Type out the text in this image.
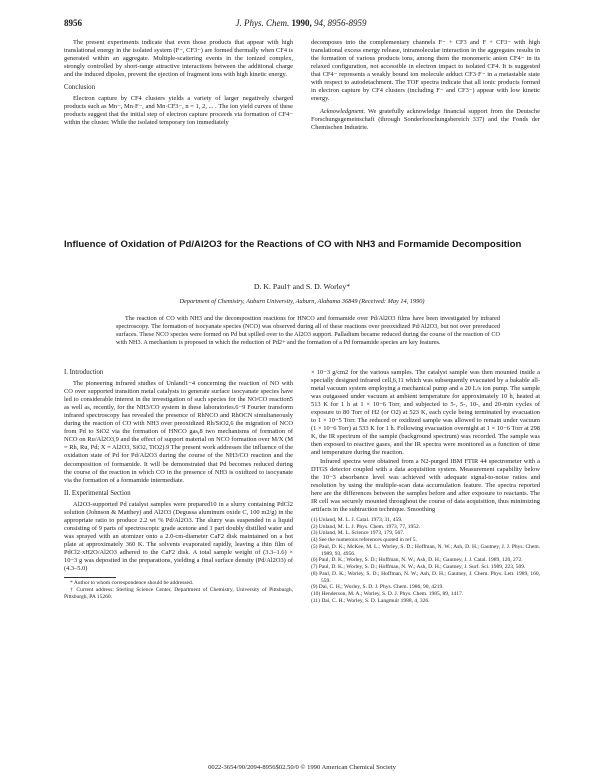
8956	J. Phys. Chem. 1990, 94, 8956-8959

The present experiments indicate that even those products that appear with high translational energy in the isolated system (F−, CF3−) are formed thermally when CF4 is generated within an aggregate. Multiple-scattering events in the ionized complex, strongly controlled by short-range attractive interactions between the additional charge and the induced dipoles, prevent the ejection of fragment ions with high kinetic energy.

Conclusion

Electron capture by CF4 clusters yields a variety of larger negatively charged products such as Mn−, Mn·F−, and Mn·CF3−, n = 1, 2, ... . The ion yield curves of these products suggest that the initial step of electron capture proceeds via formation of CF4− within the cluster. While the isolated temporary ion immediately

decomposes into the complementary channels F− + CF3 and F + CF3− with high translational excess energy release, intramolecular interaction in the aggregates results in the formation of various products ions, among them the monomeric anion CF4− in its relaxed configuration, not accessible in electron impact to isolated CF4. It is suggested that CF4− represents a weakly bound ion molecule adduct CF3·F− in a metastable state with respect to autodetachment. The TOF spectra indicate that all ionic products formed in electron capture by CF4 clusters (including F− and CF3−) appear with low kinetic energy.

Acknowledgment. We gratefully acknowledge financial support from the Deutsche Forschungsgemeinschaft (through Sonderforschungsbereich 337) and the Fonds der Chemischen Industrie.

Influence of Oxidation of Pd/Al2O3 for the Reactions of CO with NH3 and Formamide Decomposition
D. K. Paul† and S. D. Worley*
Department of Chemistry, Auburn University, Auburn, Alabama 36849 (Received: May 14, 1990)
The reaction of CO with NH3 and the decomposition reactions for HNCO and formamide over Pd/Al2O3 films have been investigated by infrared spectroscopy. The formation of isocyanate species (NCO) was observed during all of these reactions over preoxidized Pd/Al2O3, but not over prereduced surfaces. These NCO species were formed on Pd but spilled over to the Al2O3 support. Palladium became reduced during the course of the reaction of CO with NH3. A mechanism is proposed in which the reduction of Pd2+ and the formation of a Pd formamide species are key features.
I. Introduction

The pioneering infrared studies of Unland1−4 concerning the reaction of NO with CO over supported transition metal catalysts to generate surface isocyanate species have led to considerable interest in the investigation of such species for the NO/CO reaction5 as well as, recently, for the NH3/CO system in these laboratories.6−9 Fourier transform infrared spectroscopy has revealed the presence of RhNCO and RhOCN simultaneously during the reaction of CO with NH3 over preoxidized Rh/SiO2,6 the migration of NCO from Pd to SiO2 via the formation of HNCO gas,8 two mechanisms of formation of NCO on Ru/Al2O3,9 and the effect of support material on NCO formation over M/X (M = Rh, Ru, Pd; X = Al2O3, SiO2, TiO2).9 The present work addresses the influence of the oxidation state of Pd for Pd/Al2O3 during the course of the NH3/CO reaction and the decomposition of formamide. It will be demonstrated that Pd becomes reduced during the course of the reaction in which CO in the presence of NH3 is oxidized to isocyanate via the formation of a formamide intermediate.

II. Experimental Section

Al2O3-supported Pd catalyst samples were prepared10 in a slurry containing PdCl2 solution (Johnson & Matthey) and Al2O3 (Degussa aluminum oxide C, 100 m2/g) in the appropriate ratio to produce 2.2 wt % Pd/Al2O3. The slurry was suspended in a liquid consisting of 9 parts of spectroscopic grade acetone and 1 part doubly distilled water and was sprayed with an atomizer onto a 2.0-cm-diameter CaF2 disk maintained on a hot plate at approximately 360 K. The solvents evaporated rapidly, leaving a thin film of PdCl2·xH2O/Al2O3 adhered to the CaF2 disk. A total sample weight of (3.3–1.6) × 10−3 g was deposited in the preparations, yielding a final surface density (Pd/Al2O3) of (4.3–5.0)

* Author to whom correspondence should be addressed.
† Current address: Sterling Science Center, Department of Chemistry, University of Pittsburgh, Pittsburgh, PA 15260.

× 10−3 g/cm2 for the various samples. The catalyst sample was then mounted inside a specially designed infrared cell,6,11 which was subsequently evacuated by a bakable all-metal vacuum system employing a mechanical pump and a 20 L/s ion pump. The sample was outgassed under vacuum at ambient temperature for approximately 10 h, heated at 513 K for 1 h at 1 × 10−6 Torr, and subjected to 5-, 5-, 10-, and 20-min cycles of exposure to 80 Torr of H2 (or O2) at 523 K, each cycle being terminated by evacuation to 1 × 10−5 Torr. The reduced or oxidized sample was allowed to remain under vacuum (1 × 10−6 Torr) at 533 K for 1 h. Following evacuation overnight at 1 × 10−6 Torr at 298 K, the IR spectrum of the sample (background spectrum) was recorded. The sample was then exposed to reactive gases, and the IR spectra were monitored as a function of time and temperature during the reaction.

Infrared spectra were obtained from a N2-purged IBM FTIR 44 spectrometer with a DTGS detector coupled with a data acquisition system. Measurement capability below the 10−3 absorbance level was achieved with adequate signal-to-noise ratios and resolution by using the multiple-scan data accumulation feature. The spectra reported here are the differences between the samples before and after exposure to reactants. The IR cell was securely mounted throughout the course of data acquisition, thus minimizing artifacts in the subtraction technique. Smoothing

(1) Unland, M. L. J. Catal. 1973, 31, 459.
(2) Unland, M. L. J. Phys. Chem. 1973, 77, 1952.
(3) Unland, M. L. Science 1973, 179, 567.
(4) See the numerous references quoted in ref 5.
(5) Paul, D. K.; McKee, M. L.; Worley, S. D.; Hoffman, N. W.; Ash, D. H.; Gautney, J. J. Phys. Chem. 1989, 93, 4956.
(6) Paul, D. K.; Worley, S. D.; Hoffman, N. W.; Ash, D. H.; Gautney, J. J. Catal. 1989, 120, 272.
(7) Paul, D. K.; Worley, S. D.; Hoffman, N. W.; Ash, D. H.; Gautney, J. Surf. Sci. 1989, 223, 509.
(8) Paul, D. K.; Worley, S. D.; Hoffman, N. W.; Ash, D. H.; Gautney, J. Chem. Phys. Lett. 1989, 160, 559.
(9) Dai, C. H.; Worley, S. D. J. Phys. Chem. 1986, 90, 4219.
(10) Henderson, M. A.; Worley, S. D. J. Phys. Chem. 1985, 89, 1417.
(11) Dai, C. H.; Worley, S. D. Langmuir 1988, 4, 326.
0022-3654/90/2094-8956$02.50/0 © 1990 American Chemical Society
